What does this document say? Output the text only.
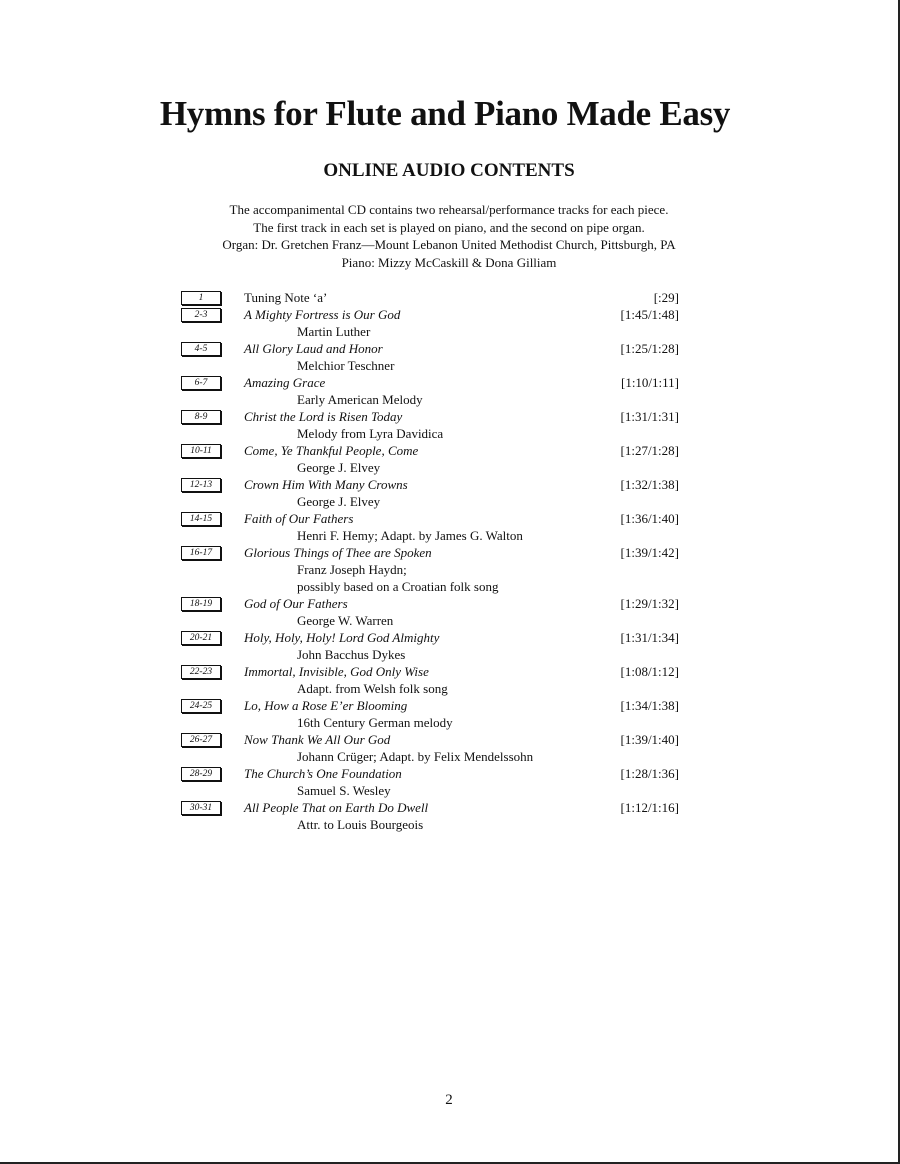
Hymns for Flute and Piano Made Easy
ONLINE AUDIO CONTENTS
The accompanimental CD contains two rehearsal/performance tracks for each piece.
The first track in each set is played on piano, and the second on pipe organ.
Organ: Dr. Gretchen Franz—Mount Lebanon United Methodist Church, Pittsburgh, PA
Piano: Mizzy McCaskill & Dona Gilliam
1	Tuning Note ‘a’	[:29]
2-3	A Mighty Fortress is Our God	[1:45/1:48]
Martin Luther
4-5	All Glory Laud and Honor	[1:25/1:28]
Melchior Teschner
6-7	Amazing Grace	[1:10/1:11]
Early American Melody
8-9	Christ the Lord is Risen Today	[1:31/1:31]
Melody from Lyra Davidica
10-11	Come, Ye Thankful People, Come	[1:27/1:28]
George J. Elvey
12-13	Crown Him With Many Crowns	[1:32/1:38]
George J. Elvey
14-15	Faith of Our Fathers	[1:36/1:40]
Henri F. Hemy; Adapt. by James G. Walton
16-17	Glorious Things of Thee are Spoken	[1:39/1:42]
Franz Joseph Haydn;
possibly based on a Croatian folk song
18-19	God of Our Fathers	[1:29/1:32]
George W. Warren
20-21	Holy, Holy, Holy! Lord God Almighty	[1:31/1:34]
John Bacchus Dykes
22-23	Immortal, Invisible, God Only Wise	[1:08/1:12]
Adapt. from Welsh folk song
24-25	Lo, How a Rose E’er Blooming	[1:34/1:38]
16th Century German melody
26-27	Now Thank We All Our God	[1:39/1:40]
Johann Crüger; Adapt. by Felix Mendelssohn
28-29	The Church’s One Foundation	[1:28/1:36]
Samuel S. Wesley
30-31	All People That on Earth Do Dwell	[1:12/1:16]
Attr. to Louis Bourgeois
2
